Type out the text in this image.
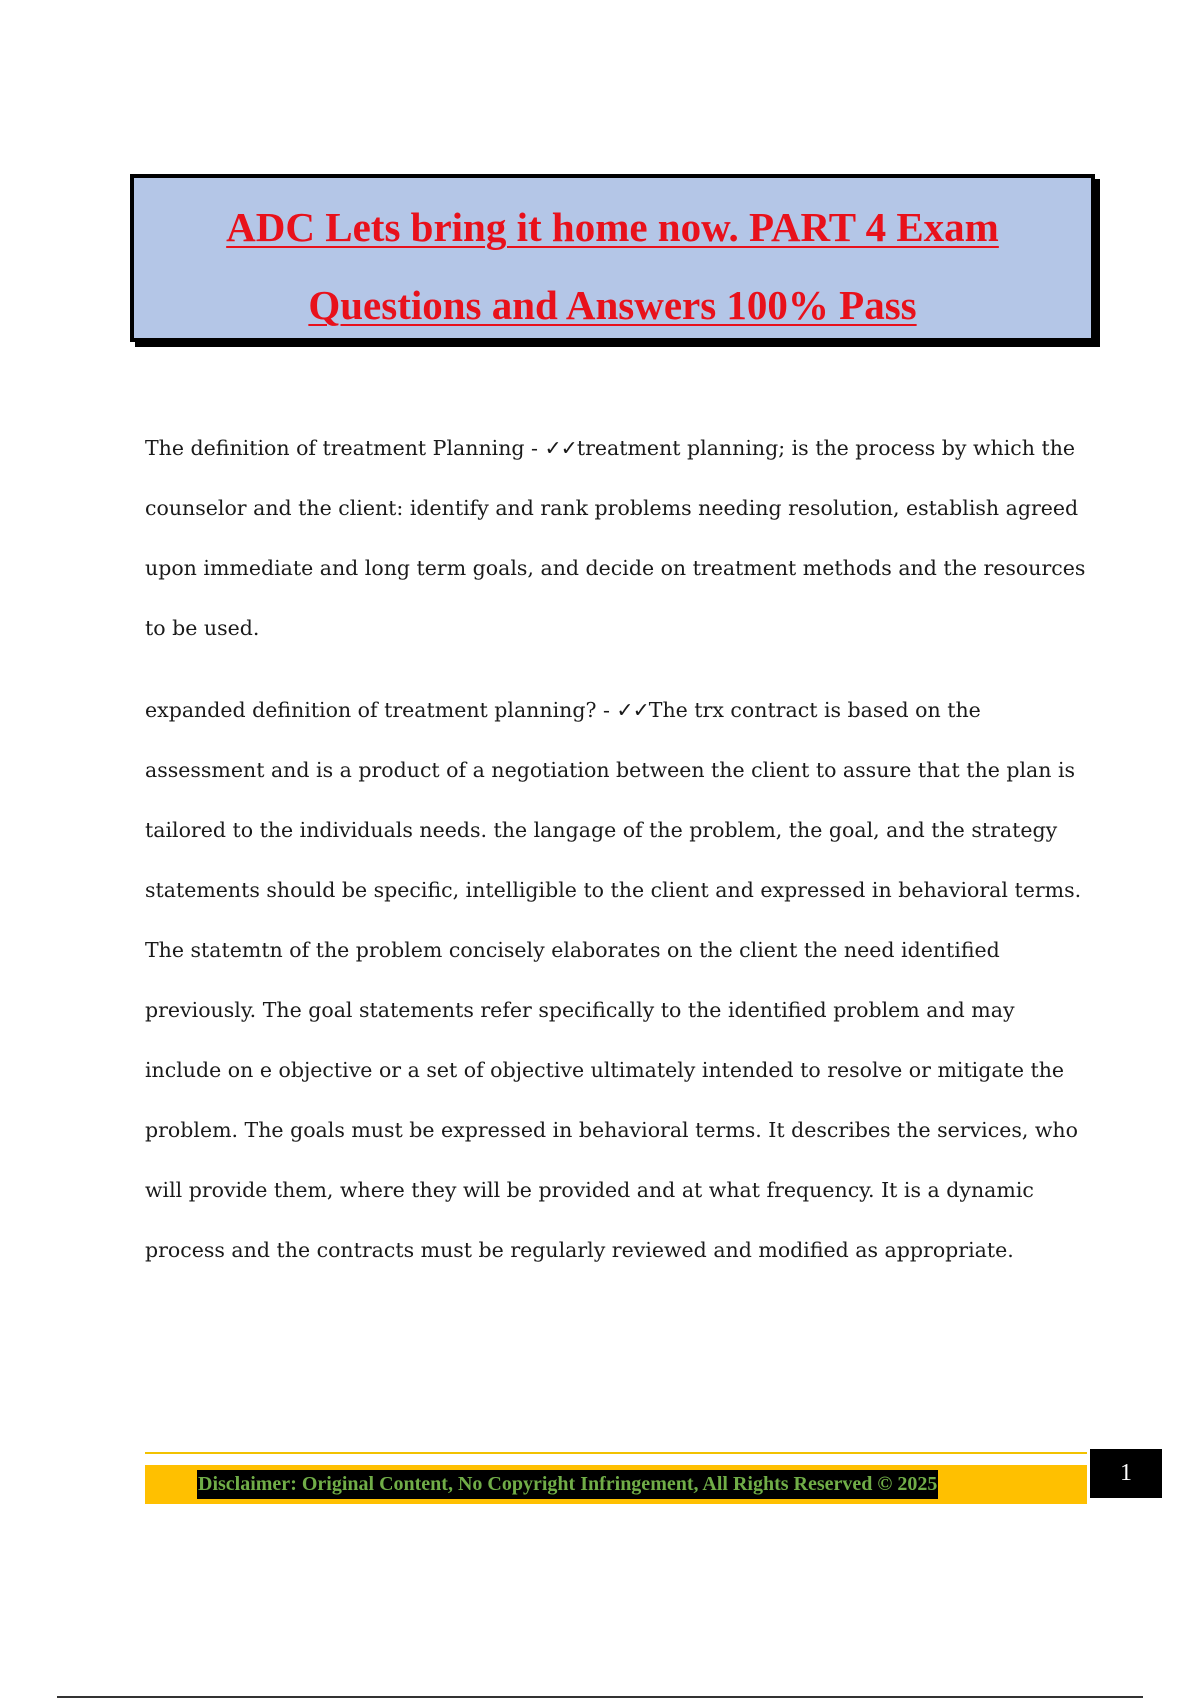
ADC Lets bring it home now. PART 4 Exam
Questions and Answers 100% Pass

The definition of treatment Planning - ✓✓treatment planning; is the process by which the counselor and the client: identify and rank problems needing resolution, establish agreed upon immediate and long term goals, and decide on treatment methods and the resources to be used.

expanded definition of treatment planning? - ✓✓The trx contract is based on the assessment and is a product of a negotiation between the client to assure that the plan is tailored to the individuals needs. the langage of the problem, the goal, and the strategy statements should be specific, intelligible to the client and expressed in behavioral terms. The statemtn of the problem concisely elaborates on the client the need identified previously. The goal statements refer specifically to the identified problem and may include on e objective or a set of objective ultimately intended to resolve or mitigate the problem. The goals must be expressed in behavioral terms. It describes the services, who will provide them, where they will be provided and at what frequency. It is a dynamic process and the contracts must be regularly reviewed and modified as appropriate.

Disclaimer: Original Content, No Copyright Infringement, All Rights Reserved © 2025	1
